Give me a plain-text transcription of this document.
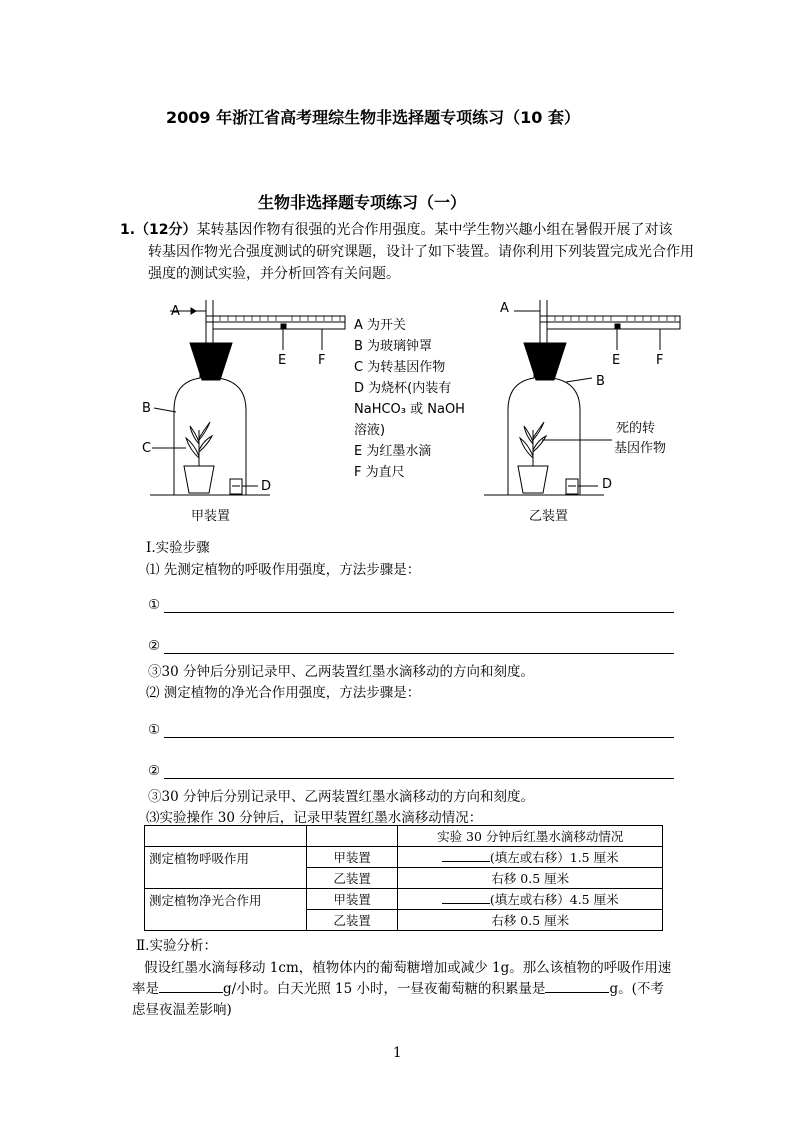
2009 年浙江省高考理综生物非选择题专项练习（10 套）
生物非选择题专项练习（一）
1.（12分）某转基因作物有很强的光合作用强度。某中学生物兴趣小组在暑假开展了对该
转基因作物光合强度测试的研究课题，设计了如下装置。请你利用下列装置完成光合作用
强度的测试实验，并分析回答有关问题。
A
B
C
D
E F
A
B
D
E	F
A 为开关
B 为玻璃钟罩
C 为转基因作物
D 为烧杯(内装有
NaHCO₃ 或 NaOH
溶液)
E 为红墨水滴
F 为直尺
死的转
基因作物
甲装置	乙装置
Ⅰ.实验步骤
⑴ 先测定植物的呼吸作用强度，方法步骤是：
①
②
③30 分钟后分别记录甲、乙两装置红墨水滴移动的方向和刻度。
⑵ 测定植物的净光合作用强度，方法步骤是：
①
②
③30 分钟后分别记录甲、乙两装置红墨水滴移动的方向和刻度。
⑶实验操作 30 分钟后，记录甲装置红墨水滴移动情况：
		实验 30 分钟后红墨水滴移动情况
测定植物呼吸作用	甲装置	(填左或右移）1.5 厘米
	乙装置	右移 0.5 厘米
测定植物净光合作用	甲装置	(填左或右移）4.5 厘米
	乙装置	右移 0.5 厘米
Ⅱ.实验分析：
假设红墨水滴每移动 1cm，植物体内的葡萄糖增加或减少 1g。那么该植物的呼吸作用速
率是	g/小时。白天光照 15 小时，一昼夜葡萄糖的积累量是	g。(不考
虑昼夜温差影响)
1
